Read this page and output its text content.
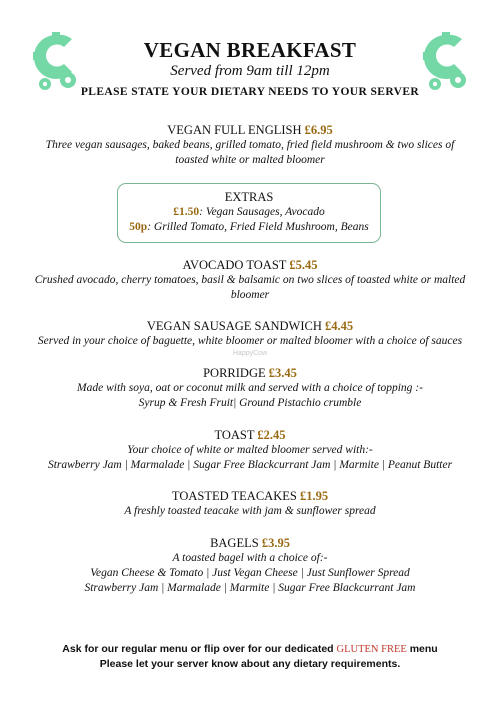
VEGAN BREAKFAST
Served from 9am till 12pm
PLEASE STATE YOUR DIETARY NEEDS TO YOUR SERVER
VEGAN FULL ENGLISH £6.95
Three vegan sausages, baked beans, grilled tomato, fried field mushroom & two slices of
toasted white or malted bloomer
EXTRAS
£1.50: Vegan Sausages, Avocado
50p: Grilled Tomato, Fried Field Mushroom, Beans
AVOCADO TOAST £5.45
Crushed avocado, cherry tomatoes, basil & balsamic on two slices of toasted white or malted
bloomer
VEGAN SAUSAGE SANDWICH £4.45
Served in your choice of baguette, white bloomer or malted bloomer with a choice of sauces
HappyCow
PORRIDGE £3.45
Made with soya, oat or coconut milk and served with a choice of topping :-
Syrup & Fresh Fruit| Ground Pistachio crumble
TOAST £2.45
Your choice of white or malted bloomer served with:-
Strawberry Jam | Marmalade | Sugar Free Blackcurrant Jam | Marmite | Peanut Butter
TOASTED TEACAKES £1.95
A freshly toasted teacake with jam & sunflower spread
BAGELS £3.95
A toasted bagel with a choice of:-
Vegan Cheese & Tomato | Just Vegan Cheese | Just Sunflower Spread
Strawberry Jam | Marmalade | Marmite | Sugar Free Blackcurrant Jam
Ask for our regular menu or flip over for our dedicated GLUTEN FREE menu
Please let your server know about any dietary requirements.
